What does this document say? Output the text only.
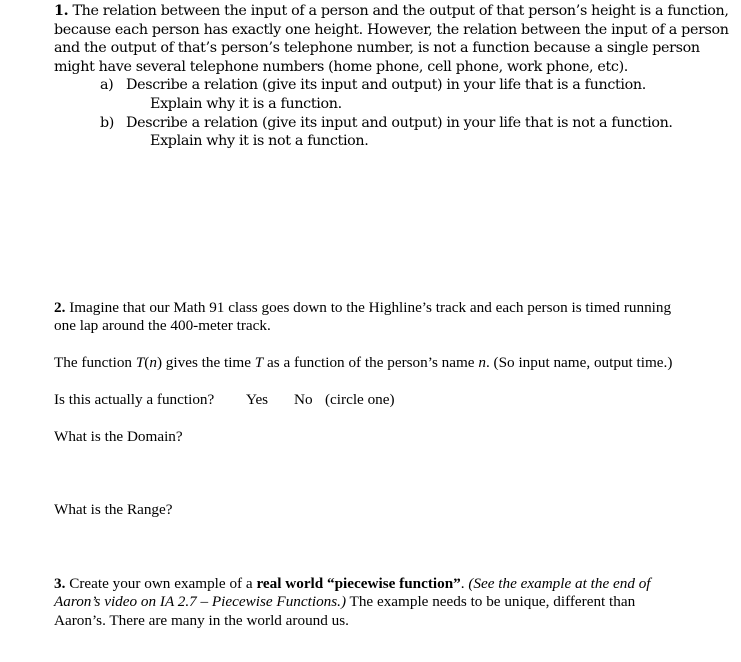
1. The relation between the input of a person and the output of that person’s height is a function,
because each person has exactly one height. However, the relation between the input of a person
and the output of that’s person’s telephone number, is not a function because a single person
might have several telephone numbers (home phone, cell phone, work phone, etc).
a) Describe a relation (give its input and output) in your life that is a function.
Explain why it is a function.
b) Describe a relation (give its input and output) in your life that is not a function.
Explain why it is not a function.
2. Imagine that our Math 91 class goes down to the Highline’s track and each person is timed running
one lap around the 400-meter track.
The function T(n) gives the time T as a function of the person’s name n. (So input name, output time.)
Is this actually a function? Yes No (circle one)
What is the Domain?
What is the Range?
3. Create your own example of a real world “piecewise function”. (See the example at the end of
Aaron’s video on IA 2.7 – Piecewise Functions.) The example needs to be unique, different than
Aaron’s. There are many in the world around us.
